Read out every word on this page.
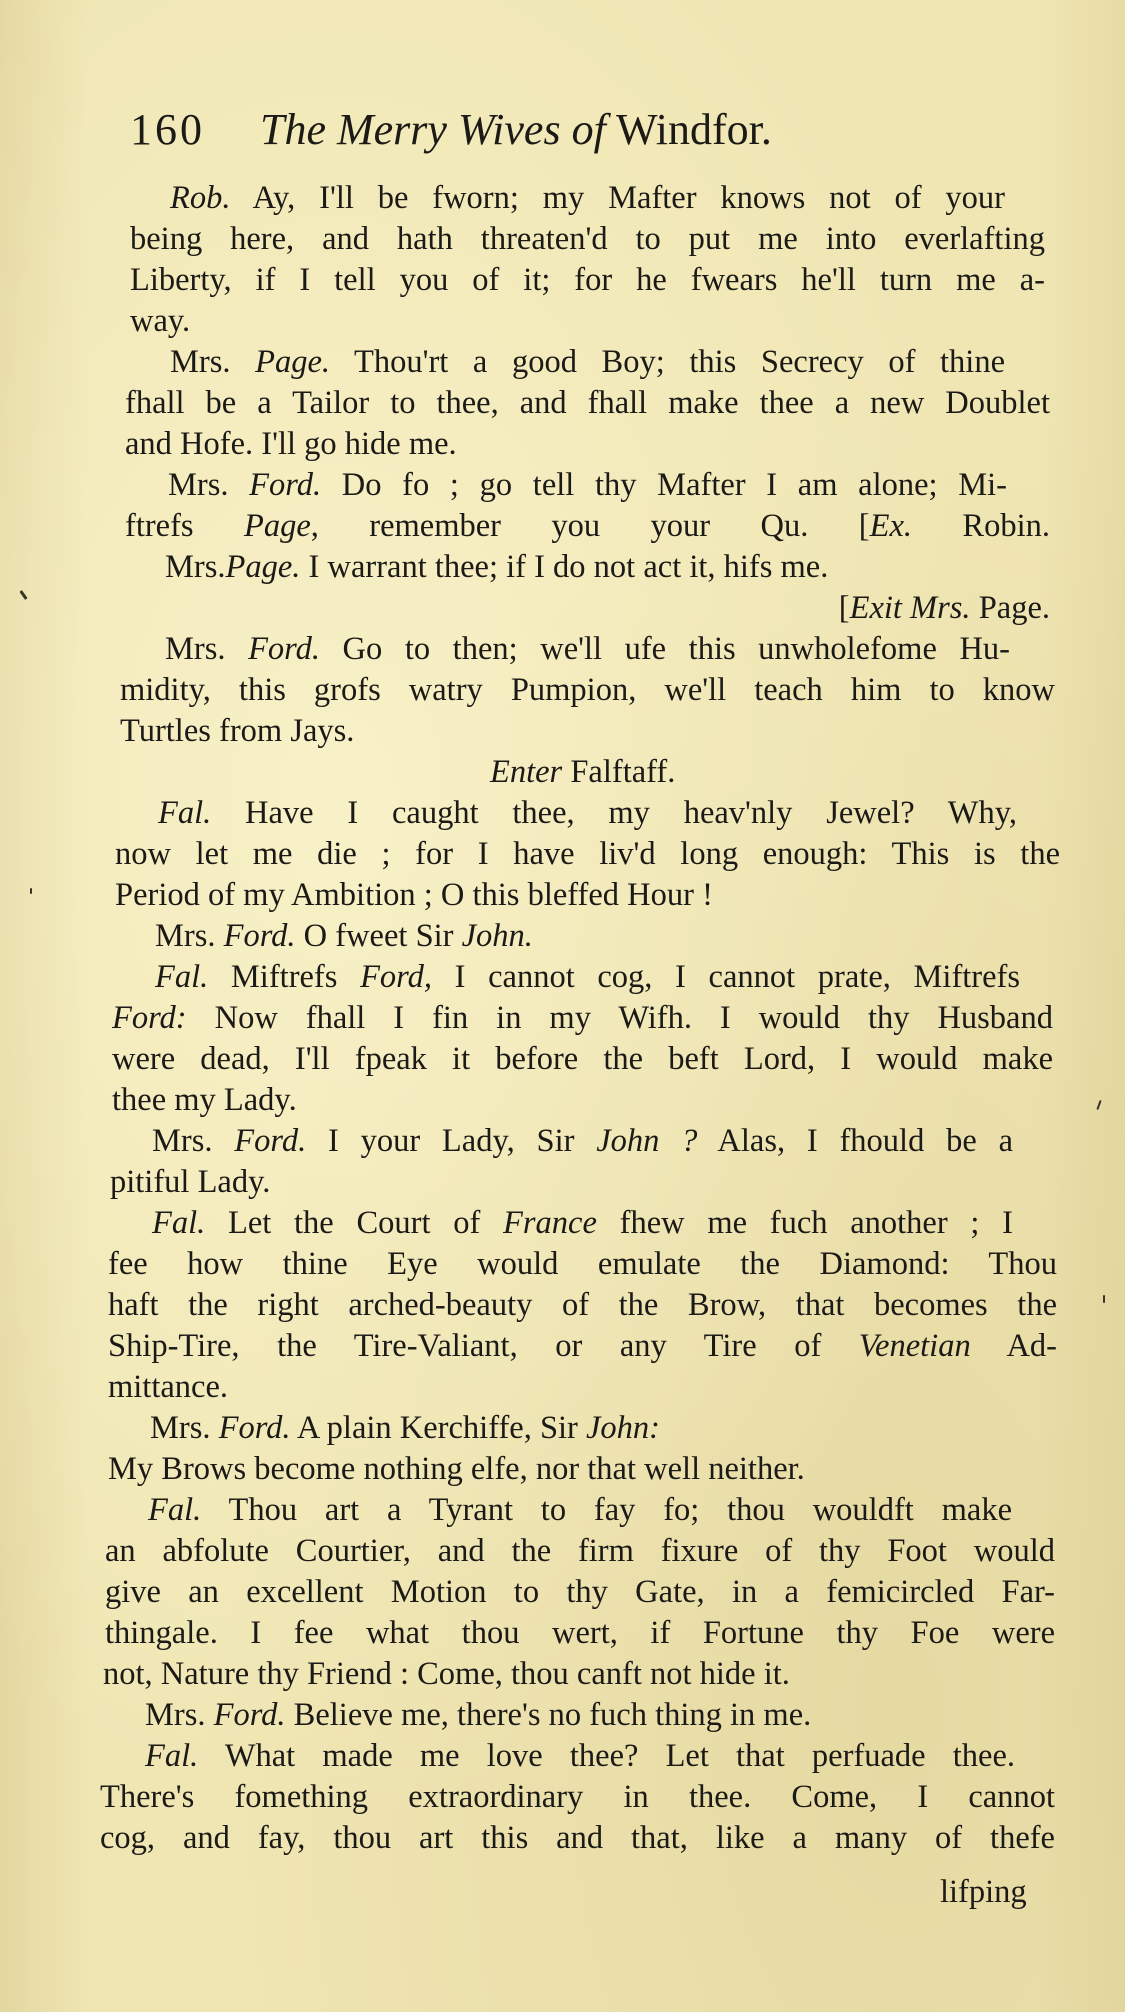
160 The Merry Wives of Windfor.
Rob. Ay, I'll be fworn; my Mafter knows not of your
being here, and hath threaten'd to put me into everlafting
Liberty, if I tell you of it; for he fwears he'll turn me a-
way.
Mrs. Page. Thou'rt a good Boy; this Secrecy of thine
fhall be a Tailor to thee, and fhall make thee a new Doublet
and Hofe. I'll go hide me.
Mrs. Ford. Do fo ; go tell thy Mafter I am alone; Mi-
ftrefs Page, remember you your Qu. [Ex. Robin.
Mrs.Page. I warrant thee; if I do not act it, hifs me.
[Exit Mrs. Page.
Mrs. Ford. Go to then; we'll ufe this unwholefome Hu-
midity, this grofs watry Pumpion, we'll teach him to know
Turtles from Jays.
Enter Falftaff.
Fal. Have I caught thee, my heav'nly Jewel? Why,
now let me die ; for I have liv'd long enough: This is the
Period of my Ambition ; O this bleffed Hour !
Mrs. Ford. O fweet Sir John.
Fal. Miftrefs Ford, I cannot cog, I cannot prate, Miftrefs
Ford: Now fhall I fin in my Wifh. I would thy Husband
were dead, I'll fpeak it before the beft Lord, I would make
thee my Lady.
Mrs. Ford. I your Lady, Sir John ? Alas, I fhould be a
pitiful Lady.
Fal. Let the Court of France fhew me fuch another ; I
fee how thine Eye would emulate the Diamond: Thou
haft the right arched-beauty of the Brow, that becomes the
Ship-Tire, the Tire-Valiant, or any Tire of Venetian Ad-
mittance.
Mrs. Ford. A plain Kerchiffe, Sir John:
My Brows become nothing elfe, nor that well neither.
Fal. Thou art a Tyrant to fay fo; thou wouldft make
an abfolute Courtier, and the firm fixure of thy Foot would
give an excellent Motion to thy Gate, in a femicircled Far-
thingale. I fee what thou wert, if Fortune thy Foe were
not, Nature thy Friend : Come, thou canft not hide it.
Mrs. Ford. Believe me, there's no fuch thing in me.
Fal. What made me love thee? Let that perfuade thee.
There's fomething extraordinary in thee. Come, I cannot
cog, and fay, thou art this and that, like a many of thefe
lifping
